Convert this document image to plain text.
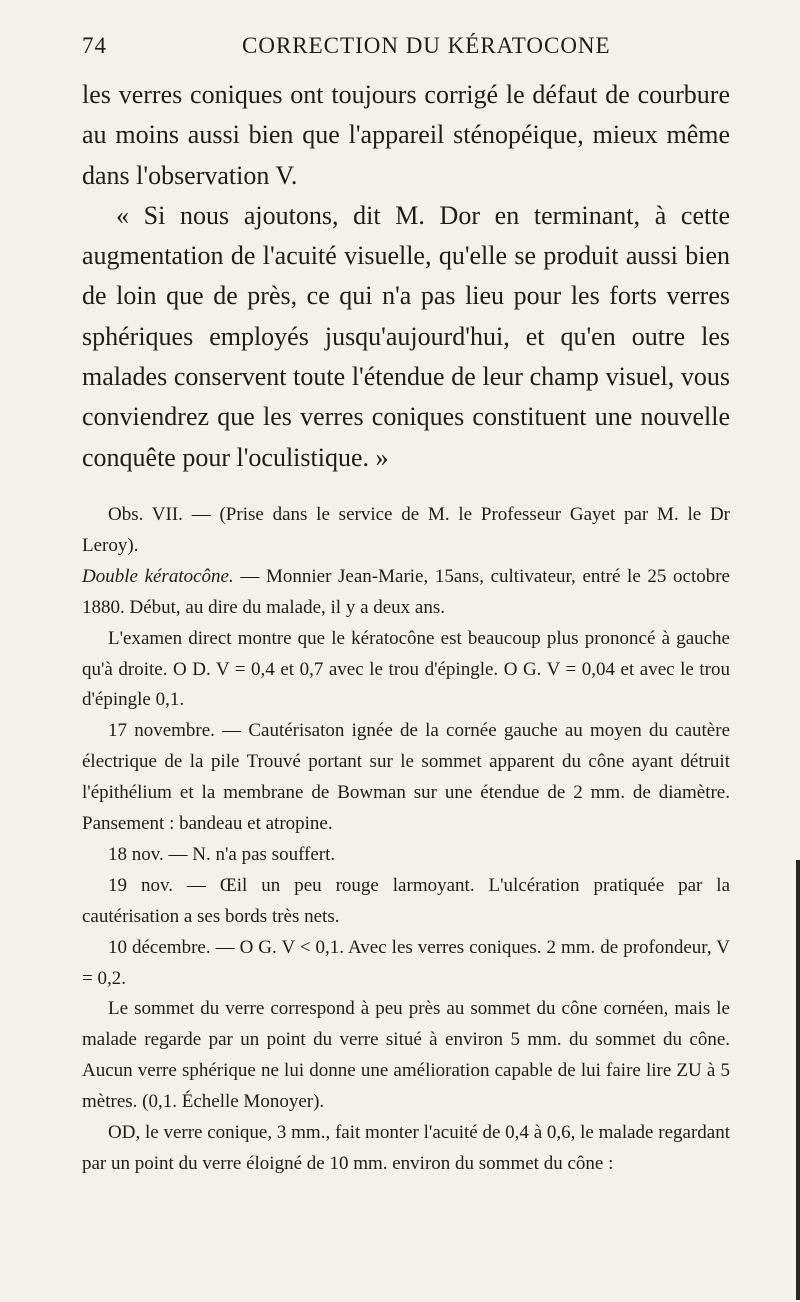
74	CORRECTION DU KÉRATOCONE

les verres coniques ont toujours corrigé le défaut de courbure au moins aussi bien que l'appareil sténopéique, mieux même dans l'observation V.

« Si nous ajoutons, dit M. Dor en terminant, à cette augmentation de l'acuité visuelle, qu'elle se produit aussi bien de loin que de près, ce qui n'a pas lieu pour les forts verres sphériques employés jusqu'aujourd'hui, et qu'en outre les malades conservent toute l'étendue de leur champ visuel, vous conviendrez que les verres coniques constituent une nouvelle conquête pour l'oculistique. »

Obs. VII. — (Prise dans le service de M. le Professeur Gayet par M. le Dr Leroy).

Double kératocône. — Monnier Jean-Marie, 15ans, cultivateur, entré le 25 octobre 1880. Début, au dire du malade, il y a deux ans.

L'examen direct montre que le kératocône est beaucoup plus prononcé à gauche qu'à droite. O D. V = 0,4 et 0,7 avec le trou d'épingle. O G. V = 0,04 et avec le trou d'épingle 0,1.

17 novembre. — Cautérisaton ignée de la cornée gauche au moyen du cautère électrique de la pile Trouvé portant sur le sommet apparent du cône ayant détruit l'épithélium et la membrane de Bowman sur une étendue de 2 mm. de diamètre. Pansement : bandeau et atropine.

18 nov. — N. n'a pas souffert.

19 nov. — Œil un peu rouge larmoyant. L'ulcération pratiquée par la cautérisation a ses bords très nets.

10 décembre. — O G. V < 0,1. Avec les verres coniques. 2 mm. de profondeur, V = 0,2.

Le sommet du verre correspond à peu près au sommet du cône cornéen, mais le malade regarde par un point du verre situé à environ 5 mm. du sommet du cône. Aucun verre sphérique ne lui donne une amélioration capable de lui faire lire ZU à 5 mètres. (0,1. Échelle Monoyer).

OD, le verre conique, 3 mm., fait monter l'acuité de 0,4 à 0,6, le malade regardant par un point du verre éloigné de 10 mm. environ du sommet du cône :
